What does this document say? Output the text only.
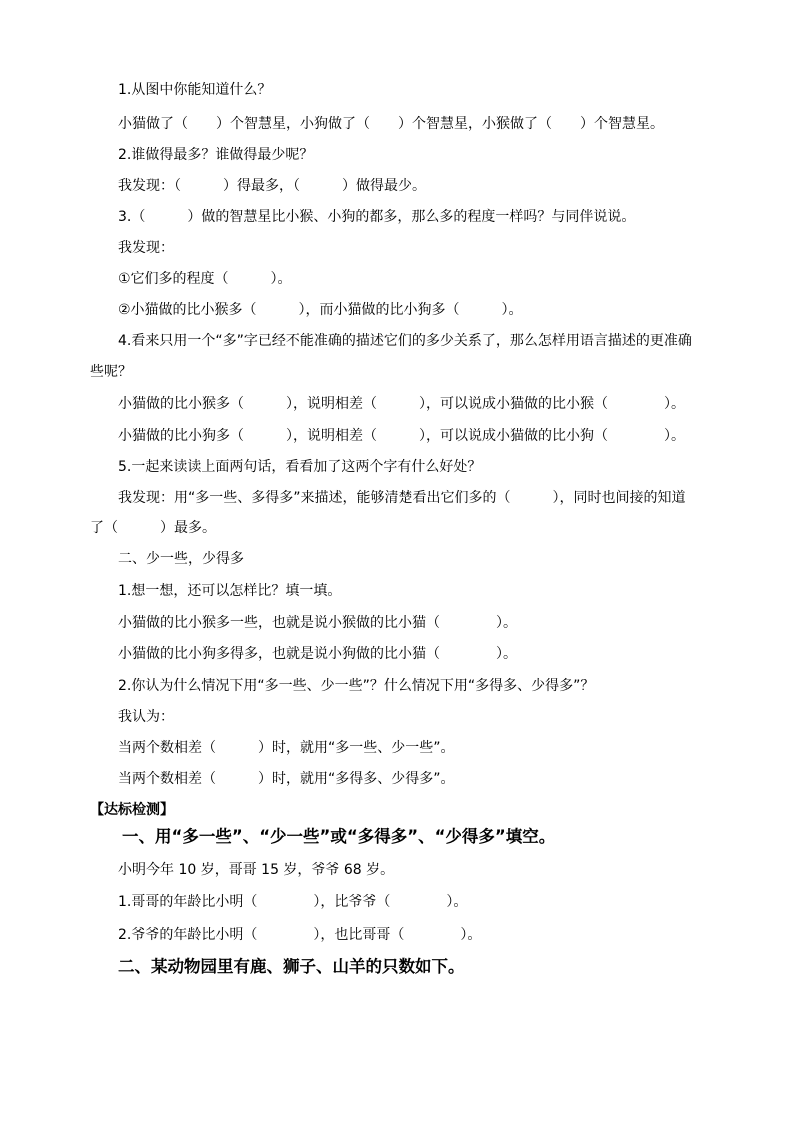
1.从图中你能知道什么？
小猫做了（　　）个智慧星，小狗做了（　　）个智慧星，小猴做了（　　）个智慧星。
2.谁做得最多？谁做得最少呢？
我发现：（　　　）得最多，（　　　）做得最少。
3.（　　　）做的智慧星比小猴、小狗的都多，那么多的程度一样吗？与同伴说说。
我发现：
①它们多的程度（　　　）。
②小猫做的比小猴多（　　　），而小猫做的比小狗多（　　　）。
4.看来只用一个“多”字已经不能准确的描述它们的多少关系了，那么怎样用语言描述的更准确
些呢？
小猫做的比小猴多（　　　），说明相差（　　　），可以说成小猫做的比小猴（　　　　）。
小猫做的比小狗多（　　　），说明相差（　　　），可以说成小猫做的比小狗（　　　　）。
5.一起来读读上面两句话，看看加了这两个字有什么好处？
我发现：用“多一些、多得多”来描述，能够清楚看出它们多的（　　　），同时也间接的知道
了（　　　）最多。
二、少一些，少得多
1.想一想，还可以怎样比？填一填。
小猫做的比小猴多一些，也就是说小猴做的比小猫（　　　　）。
小猫做的比小狗多得多，也就是说小狗做的比小猫（　　　　）。
2.你认为什么情况下用“多一些、少一些”？什么情况下用“多得多、少得多”？
我认为：
当两个数相差（　　　）时，就用“多一些、少一些”。
当两个数相差（　　　）时，就用“多得多、少得多”。
【达标检测】
一、用“多一些”、“少一些”或“多得多”、“少得多”填空。
小明今年 10 岁，哥哥 15 岁，爷爷 68 岁。
1.哥哥的年龄比小明（　　　　），比爷爷（　　　　）。
2.爷爷的年龄比小明（　　　　），也比哥哥（　　　　）。
二、某动物园里有鹿、狮子、山羊的只数如下。
